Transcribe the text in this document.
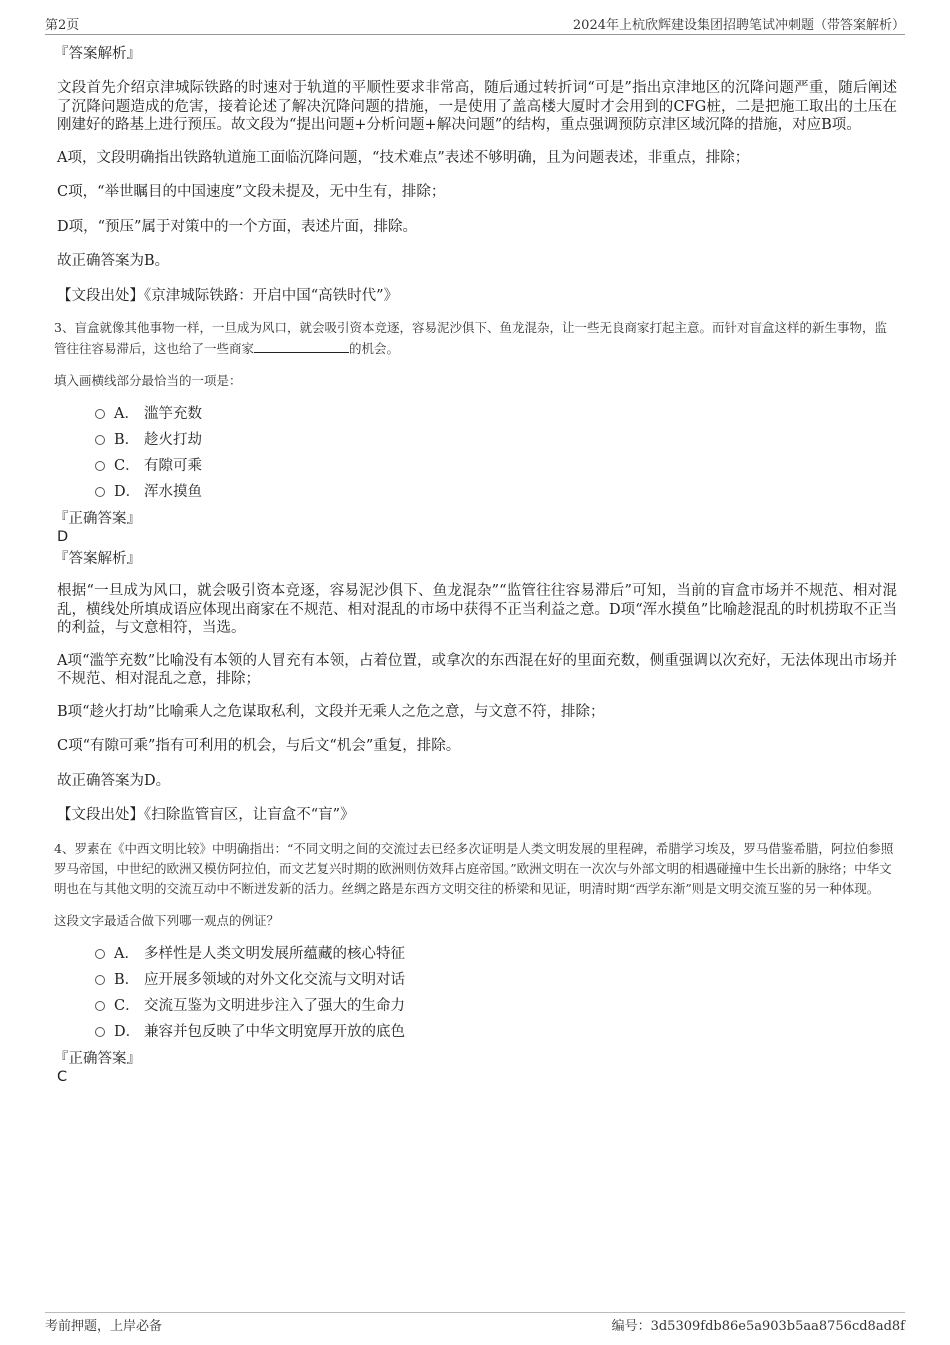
第2页	2024年上杭欣辉建设集团招聘笔试冲刺题（带答案解析）
『答案解析』

文段首先介绍京津城际铁路的时速对于轨道的平顺性要求非常高，随后通过转折词“可是”指出京津地区的沉降问题严重，随后阐述了沉降问题造成的危害，接着论述了解决沉降问题的措施，一是使用了盖高楼大厦时才会用到的CFG桩，二是把施工取出的土压在刚建好的路基上进行预压。故文段为“提出问题+分析问题+解决问题”的结构，重点强调预防京津区域沉降的措施，对应B项。

A项，文段明确指出铁路轨道施工面临沉降问题，“技术难点”表述不够明确，且为问题表述，非重点，排除；

C项，“举世瞩目的中国速度”文段未提及，无中生有，排除；

D项，“预压”属于对策中的一个方面，表述片面，排除。

故正确答案为B。

【文段出处】《京津城际铁路：开启中国“高铁时代”》

3、盲盒就像其他事物一样，一旦成为风口，就会吸引资本竞逐，容易泥沙俱下、鱼龙混杂，让一些无良商家打起主意。而针对盲盒这样的新生事物，监管往往容易滞后，这也给了一些商家	的机会。

填入画横线部分最恰当的一项是：
A． 滥竽充数
B． 趁火打劫
C． 有隙可乘
D． 浑水摸鱼
『正确答案』
D
『答案解析』

根据“一旦成为风口，就会吸引资本竞逐，容易泥沙俱下、鱼龙混杂”“监管往往容易滞后”可知，当前的盲盒市场并不规范、相对混乱，横线处所填成语应体现出商家在不规范、相对混乱的市场中获得不正当利益之意。D项“浑水摸鱼”比喻趁混乱的时机捞取不正当的利益，与文意相符，当选。

A项“滥竽充数”比喻没有本领的人冒充有本领，占着位置，或拿次的东西混在好的里面充数，侧重强调以次充好，无法体现出市场并不规范、相对混乱之意，排除；

B项“趁火打劫”比喻乘人之危谋取私利，文段并无乘人之危之意，与文意不符，排除；

C项“有隙可乘”指有可利用的机会，与后文“机会”重复，排除。

故正确答案为D。

【文段出处】《扫除监管盲区，让盲盒不“盲”》

4、罗素在《中西文明比较》中明确指出：“不同文明之间的交流过去已经多次证明是人类文明发展的里程碑，希腊学习埃及，罗马借鉴希腊，阿拉伯参照罗马帝国，中世纪的欧洲又模仿阿拉伯，而文艺复兴时期的欧洲则仿效拜占庭帝国。”欧洲文明在一次次与外部文明的相遇碰撞中生长出新的脉络；中华文明也在与其他文明的交流互动中不断迸发新的活力。丝绸之路是东西方文明交往的桥梁和见证，明清时期“西学东渐”则是文明交流互鉴的另一种体现。

这段文字最适合做下列哪一观点的例证？
A． 多样性是人类文明发展所蕴藏的核心特征
B． 应开展多领域的对外文化交流与文明对话
C． 交流互鉴为文明进步注入了强大的生命力
D． 兼容并包反映了中华文明宽厚开放的底色
『正确答案』
C
考前押题，上岸必备	编号：3d5309fdb86e5a903b5aa8756cd8ad8f
